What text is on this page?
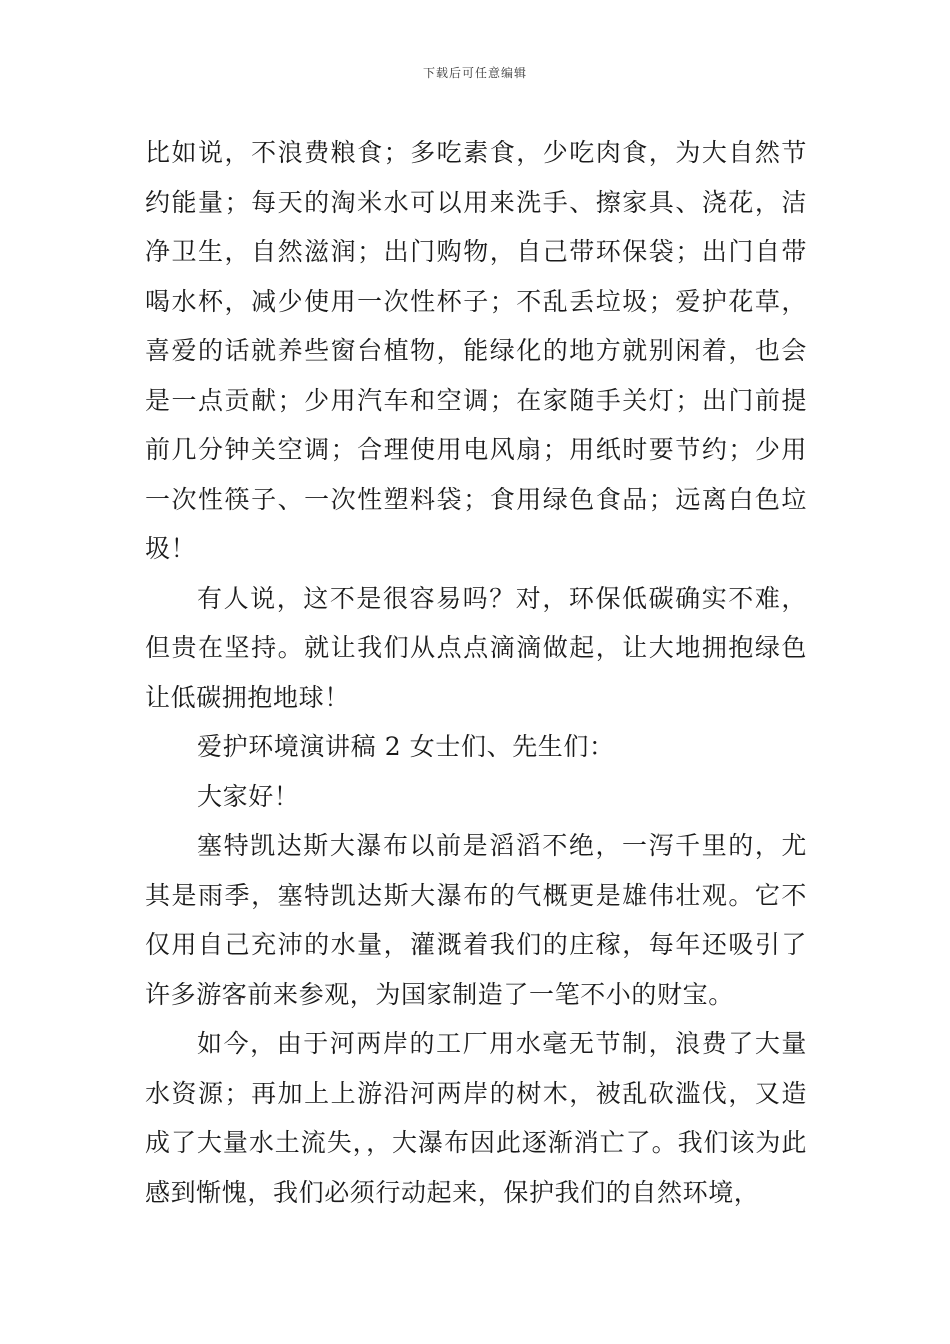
下载后可任意编辑

比如说，不浪费粮食；多吃素食，少吃肉食，为大自然节约能量；每天的淘米水可以用来洗手、擦家具、浇花，洁净卫生，自然滋润；出门购物，自己带环保袋；出门自带喝水杯，减少使用一次性杯子；不乱丢垃圾；爱护花草，喜爱的话就养些窗台植物，能绿化的地方就别闲着，也会是一点贡献；少用汽车和空调；在家随手关灯；出门前提前几分钟关空调；合理使用电风扇；用纸时要节约；少用一次性筷子、一次性塑料袋；食用绿色食品；远离白色垃圾！

有人说，这不是很容易吗？对，环保低碳确实不难，但贵在坚持。就让我们从点点滴滴做起，让大地拥抱绿色让低碳拥抱地球！

爱护环境演讲稿 2 女士们、先生们：

大家好！

塞特凯达斯大瀑布以前是滔滔不绝，一泻千里的，尤其是雨季，塞特凯达斯大瀑布的气概更是雄伟壮观。它不仅用自己充沛的水量，灌溉着我们的庄稼，每年还吸引了许多游客前来参观，为国家制造了一笔不小的财宝。

如今，由于河两岸的工厂用水毫无节制，浪费了大量水资源；再加上上游沿河两岸的树木，被乱砍滥伐，又造成了大量水土流失，，大瀑布因此逐渐消亡了。我们该为此感到惭愧，我们必须行动起来，保护我们的自然环境，
